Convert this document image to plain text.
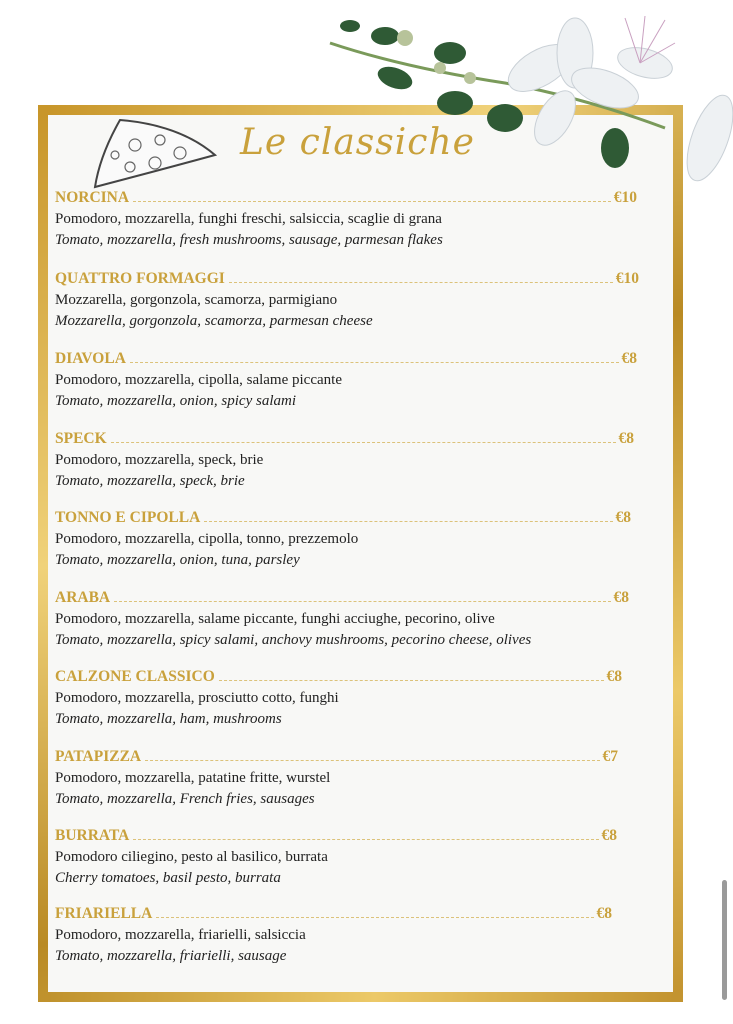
Le classiche
NORCINA	€10
Pomodoro, mozzarella, funghi freschi, salsiccia, scaglie di grana
Tomato, mozzarella, fresh mushrooms, sausage, parmesan flakes
QUATTRO FORMAGGI	€10
Mozzarella, gorgonzola, scamorza, parmigiano
Mozzarella, gorgonzola, scamorza, parmesan cheese
DIAVOLA	€8
Pomodoro, mozzarella, cipolla, salame piccante
Tomato, mozzarella, onion, spicy salami
SPECK	€8
Pomodoro, mozzarella, speck, brie
Tomato, mozzarella, speck, brie
TONNO E CIPOLLA	€8
Pomodoro, mozzarella, cipolla, tonno, prezzemolo
Tomato, mozzarella, onion, tuna, parsley
ARABA	€8
Pomodoro, mozzarella, salame piccante, funghi acciughe, pecorino, olive
Tomato, mozzarella, spicy salami, anchovy mushrooms, pecorino cheese, olives
CALZONE CLASSICO	€8
Pomodoro, mozzarella, prosciutto cotto, funghi
Tomato, mozzarella, ham, mushrooms
PATAPIZZA	€7
Pomodoro, mozzarella, patatine fritte, wurstel
Tomato, mozzarella, French fries, sausages
BURRATA	€8
Pomodoro ciliegino, pesto al basilico, burrata
Cherry tomatoes, basil pesto, burrata
FRIARIELLA	€8
Pomodoro, mozzarella, friarielli, salsiccia
Tomato, mozzarella, friarielli, sausage
